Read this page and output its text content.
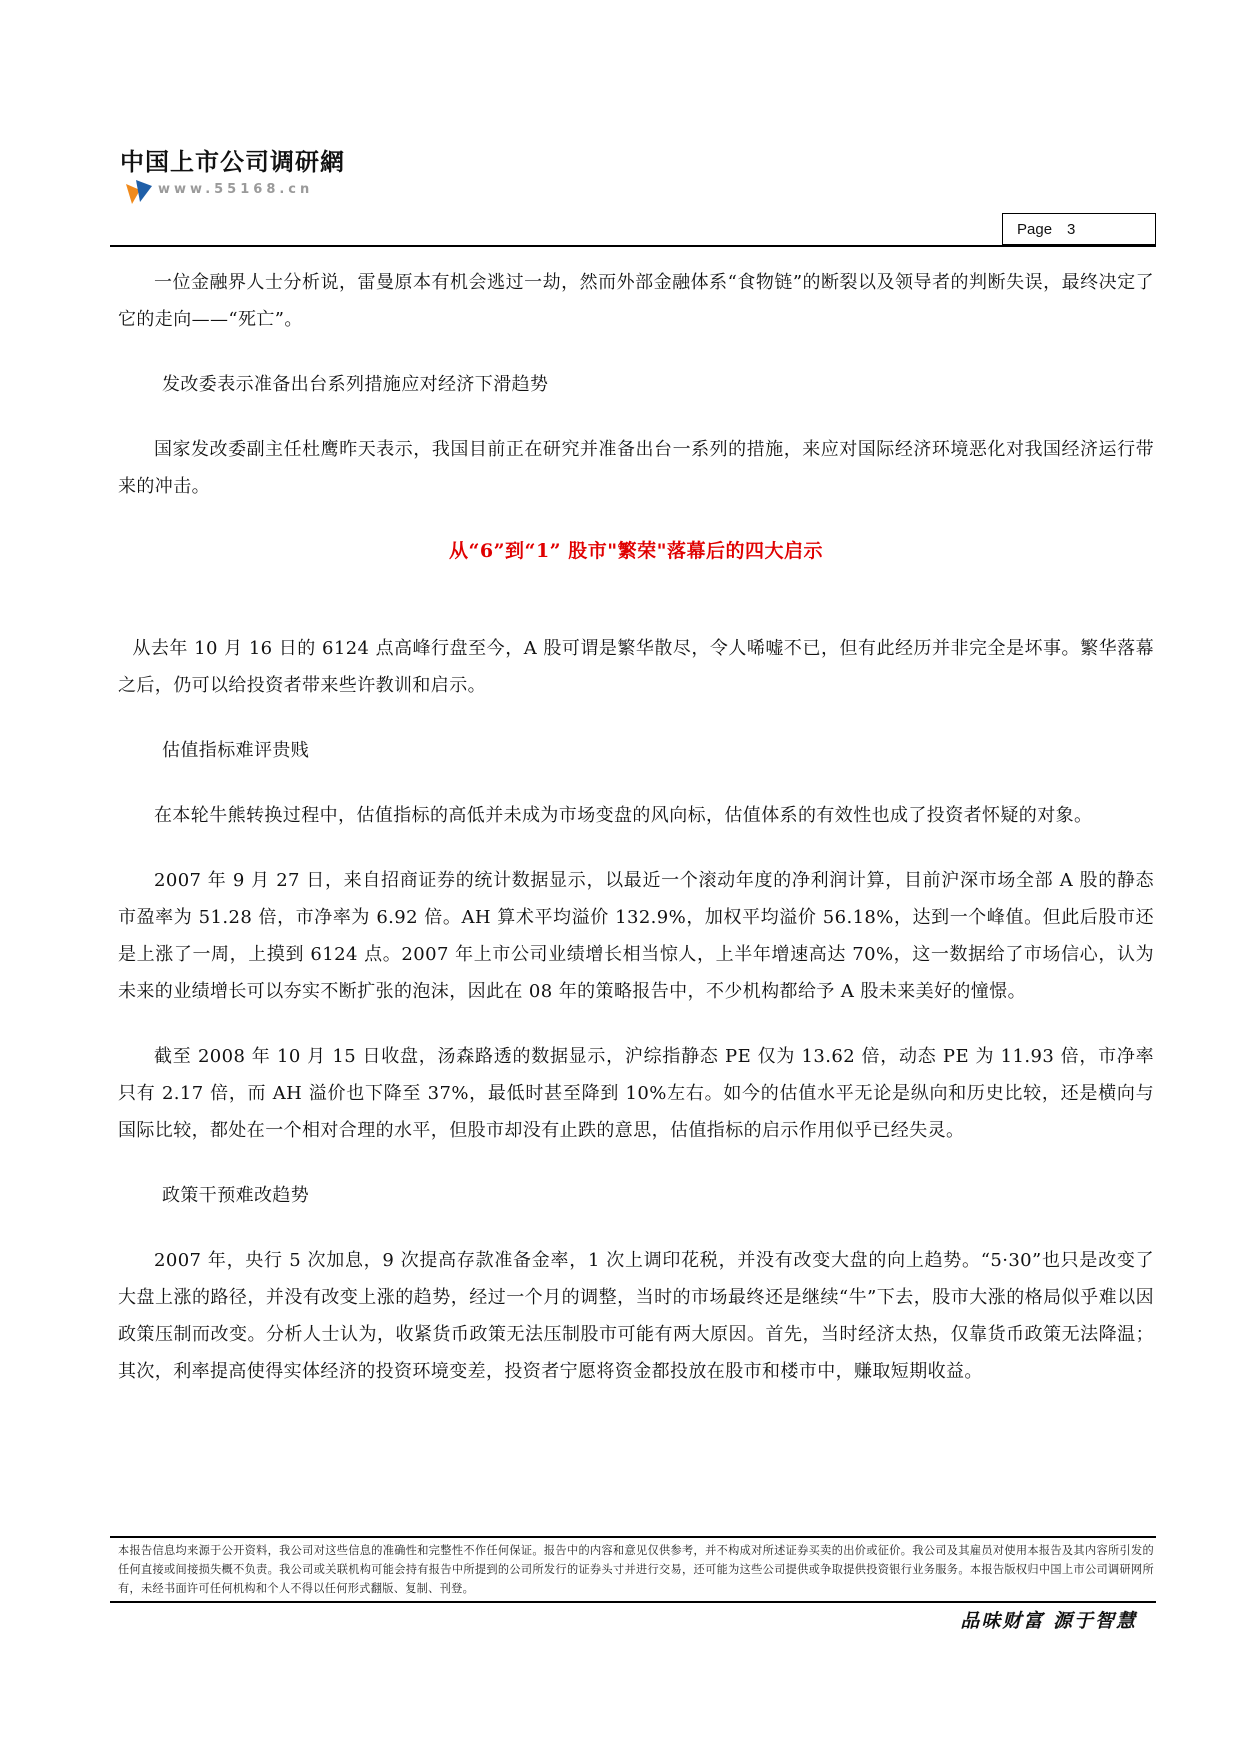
中国上市公司调研網
www.55168.cn
Page 3

一位金融界人士分析说，雷曼原本有机会逃过一劫，然而外部金融体系“食物链”的断裂以及领导者的判断失误，最终决定了它的走向——“死亡”。

发改委表示准备出台系列措施应对经济下滑趋势

国家发改委副主任杜鹰昨天表示，我国目前正在研究并准备出台一系列的措施，来应对国际经济环境恶化对我国经济运行带来的冲击。

从“6”到“1” 股市"繁荣"落幕后的四大启示

从去年 10 月 16 日的 6124 点高峰行盘至今，A 股可谓是繁华散尽，令人唏嘘不已，但有此经历并非完全是坏事。繁华落幕之后，仍可以给投资者带来些许教训和启示。

估值指标难评贵贱

在本轮牛熊转换过程中，估值指标的高低并未成为市场变盘的风向标，估值体系的有效性也成了投资者怀疑的对象。

2007 年 9 月 27 日，来自招商证券的统计数据显示，以最近一个滚动年度的净利润计算，目前沪深市场全部 A 股的静态市盈率为 51.28 倍，市净率为 6.92 倍。AH 算术平均溢价 132.9%，加权平均溢价 56.18%，达到一个峰值。但此后股市还是上涨了一周，上摸到 6124 点。2007 年上市公司业绩增长相当惊人，上半年增速高达 70%，这一数据给了市场信心，认为未来的业绩增长可以夯实不断扩张的泡沫，因此在 08 年的策略报告中，不少机构都给予 A 股未来美好的憧憬。

截至 2008 年 10 月 15 日收盘，汤森路透的数据显示，沪综指静态 PE 仅为 13.62 倍，动态 PE 为 11.93 倍，市净率只有 2.17 倍，而 AH 溢价也下降至 37%，最低时甚至降到 10%左右。如今的估值水平无论是纵向和历史比较，还是横向与国际比较，都处在一个相对合理的水平，但股市却没有止跌的意思，估值指标的启示作用似乎已经失灵。

政策干预难改趋势

2007 年，央行 5 次加息，9 次提高存款准备金率，1 次上调印花税，并没有改变大盘的向上趋势。“5·30”也只是改变了大盘上涨的路径，并没有改变上涨的趋势，经过一个月的调整，当时的市场最终还是继续“牛”下去，股市大涨的格局似乎难以因政策压制而改变。分析人士认为，收紧货币政策无法压制股市可能有两大原因。首先，当时经济太热，仅靠货币政策无法降温；其次，利率提高使得实体经济的投资环境变差，投资者宁愿将资金都投放在股市和楼市中，赚取短期收益。

本报告信息均来源于公开资料，我公司对这些信息的准确性和完整性不作任何保证。报告中的内容和意见仅供参考，并不构成对所述证券买卖的出价或征价。我公司及其雇员对使用本报告及其内容所引发的任何直接或间接损失概不负责。我公司或关联机构可能会持有报告中所提到的公司所发行的证券头寸并进行交易，还可能为这些公司提供或争取提供投资银行业务服务。本报告版权归中国上市公司调研网所有，未经书面许可任何机构和个人不得以任何形式翻版、复制、刊登。
品味财富 源于智慧
